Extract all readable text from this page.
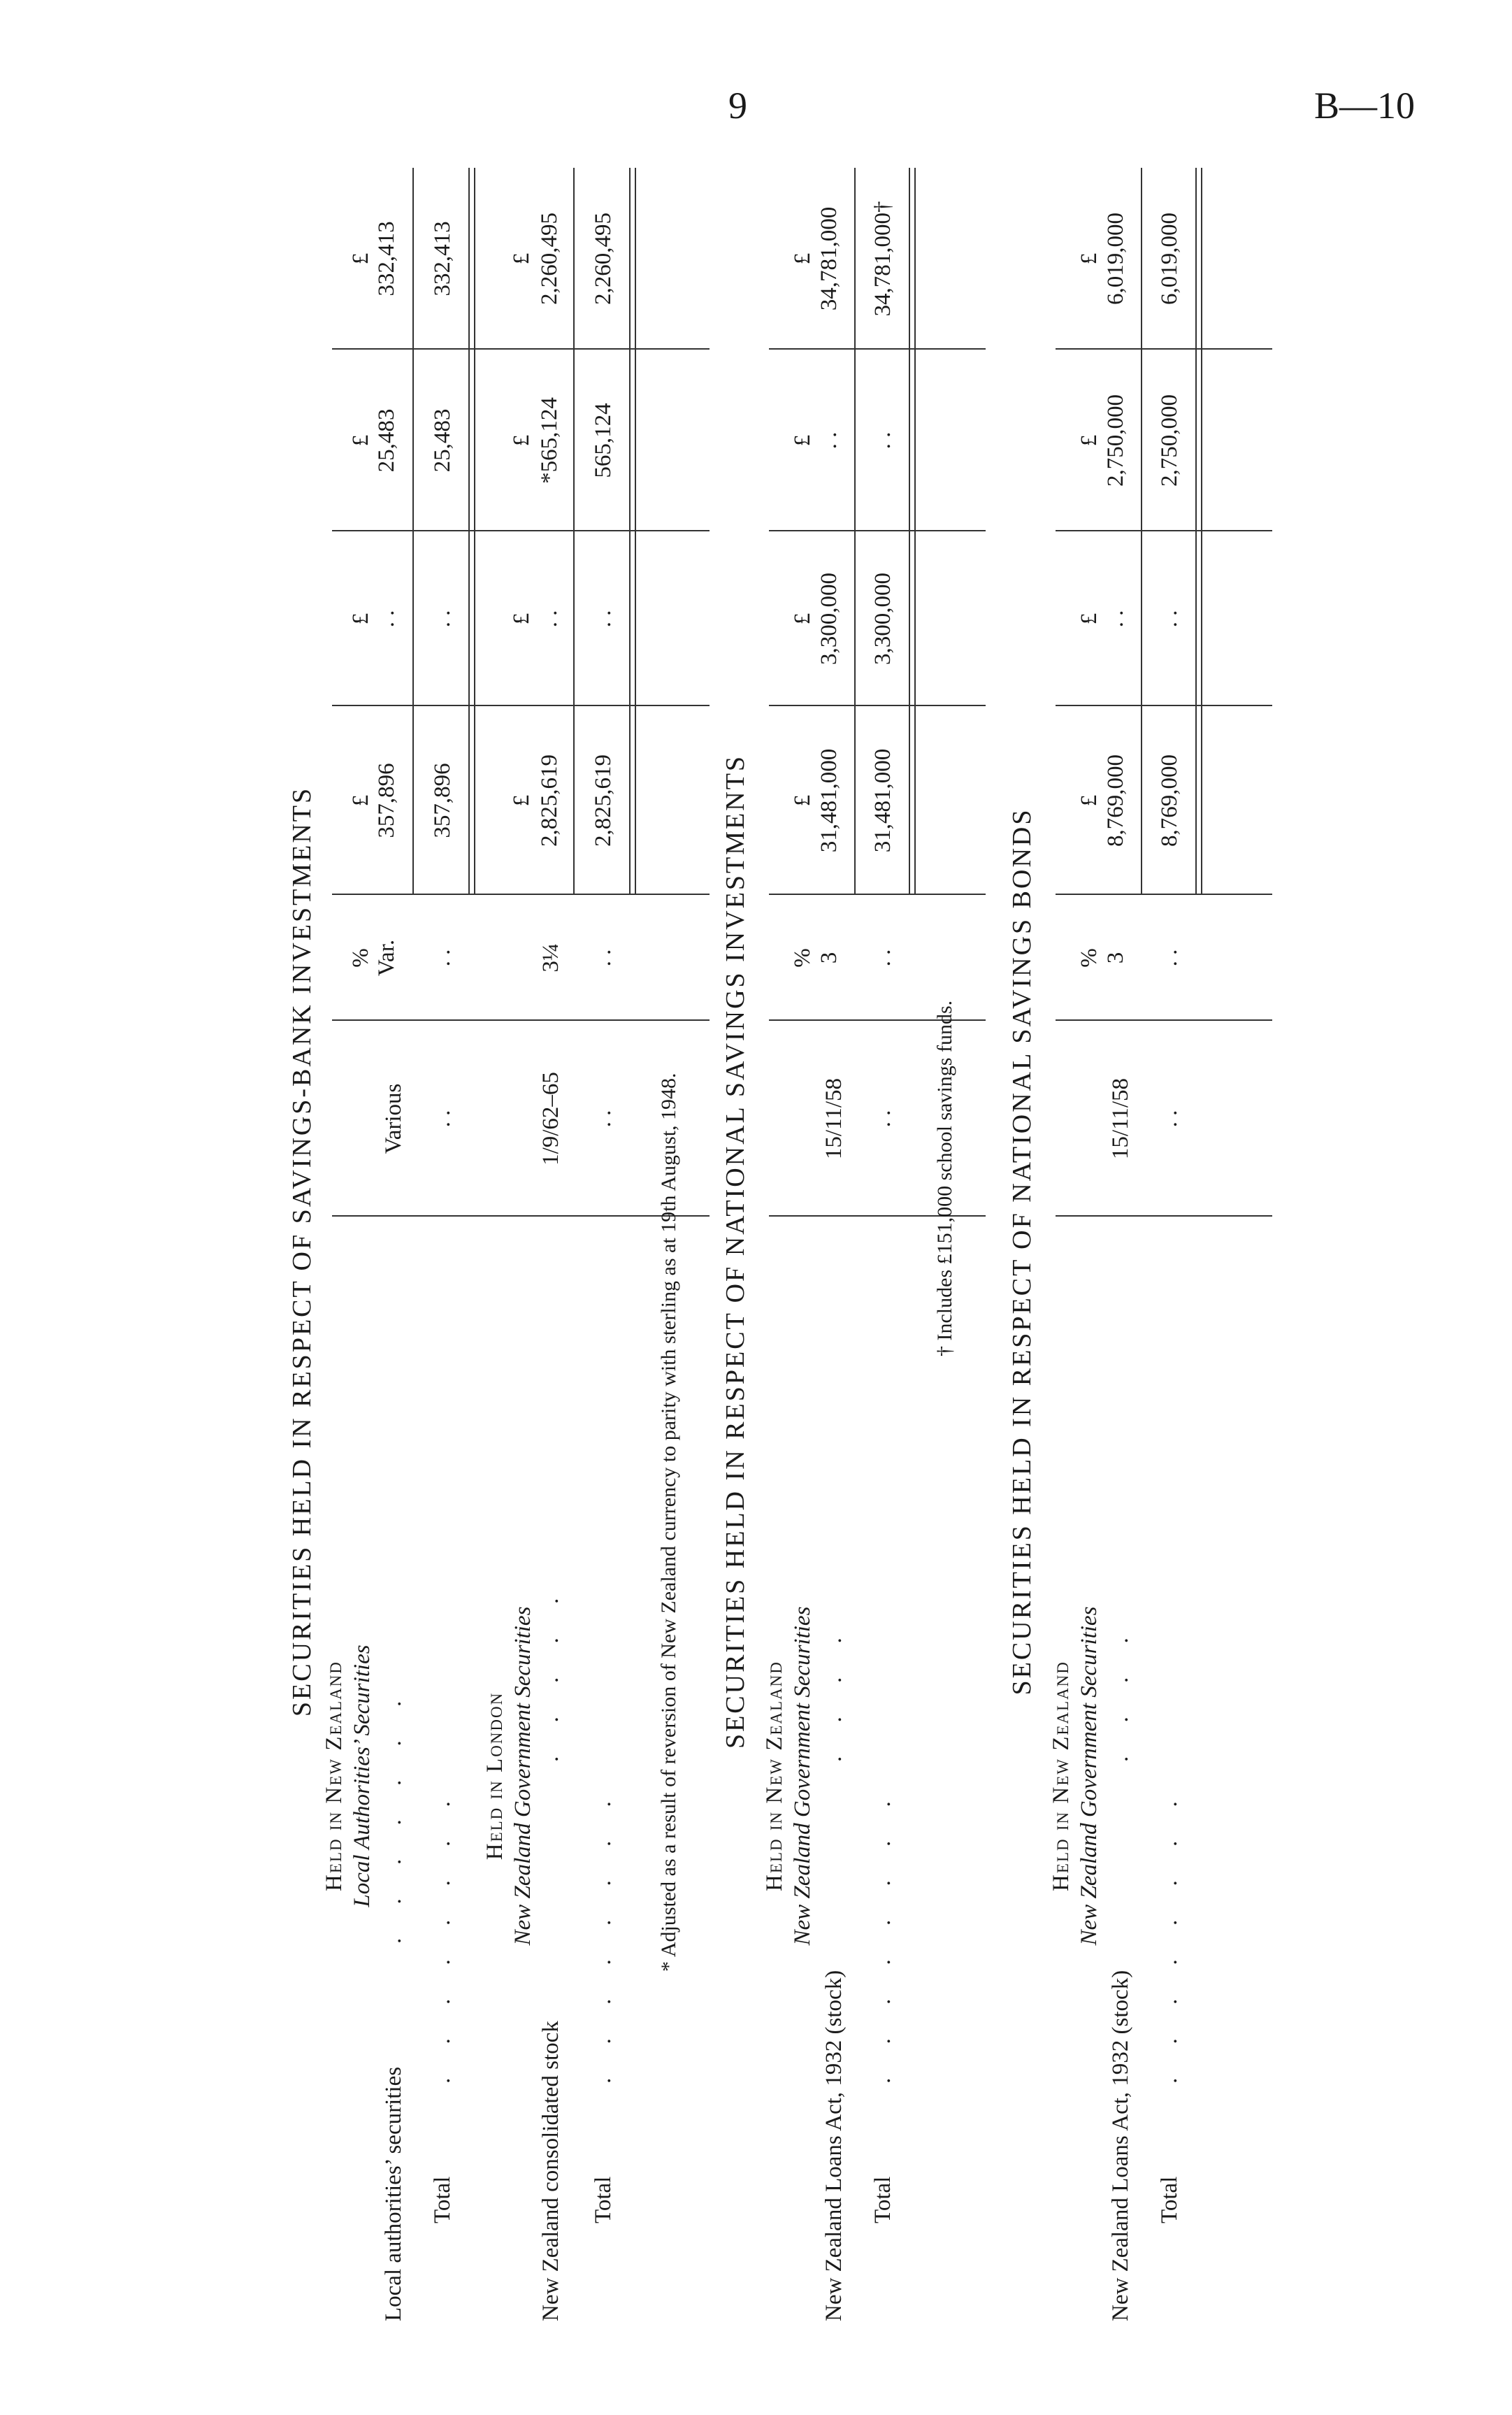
9	B—10
SECURITIES HELD IN RESPECT OF SAVINGS-BANK INVESTMENTS
Held in New Zealand Local Authorities’ Securities
Local authorities’ securities
. . . . . . .
Various
% Var.
£ 357,896
£ . .
£ 25,483
£ 332,413
Total
. . . . . . . .
. .
. .
357,896
. .
25,483
332,413
Held in London New Zealand Government Securities
New Zealand consolidated stock
. . . . .
1/9/62–65
3¼
£ 2,825,619
£ . .
£ *565,124
£ 2,260,495
Total
. . . . . . . .
. .
. .
2,825,619
. .
565,124
2,260,495
* Adjusted as a result of reversion of New Zealand currency to parity with sterling as at 19th August, 1948. SECURITIES HELD IN RESPECT OF NATIONAL SAVINGS INVESTMENTS
Held in New Zealand New Zealand Government Securities
New Zealand Loans Act, 1932 (stock)
. . . .
15/11/58
% 3
£ 31,481,000
£ 3,300,000
£ . .
£ 34,781,000
Total
. . . . . . . .
. .
. .
31,481,000
3,300,000
. .
34,781,000†
† Includes £151,000 school savings funds. SECURITIES HELD IN RESPECT OF NATIONAL SAVINGS BONDS
Held in New Zealand New Zealand Government Securities
New Zealand Loans Act, 1932 (stock)
. . . .
15/11/58
% 3
£ 8,769,000
£ . .
£ 2,750,000
£ 6,019,000
Total
. . . . . . . .
. .
. .
8,769,000
. .
2,750,000
6,019,000
